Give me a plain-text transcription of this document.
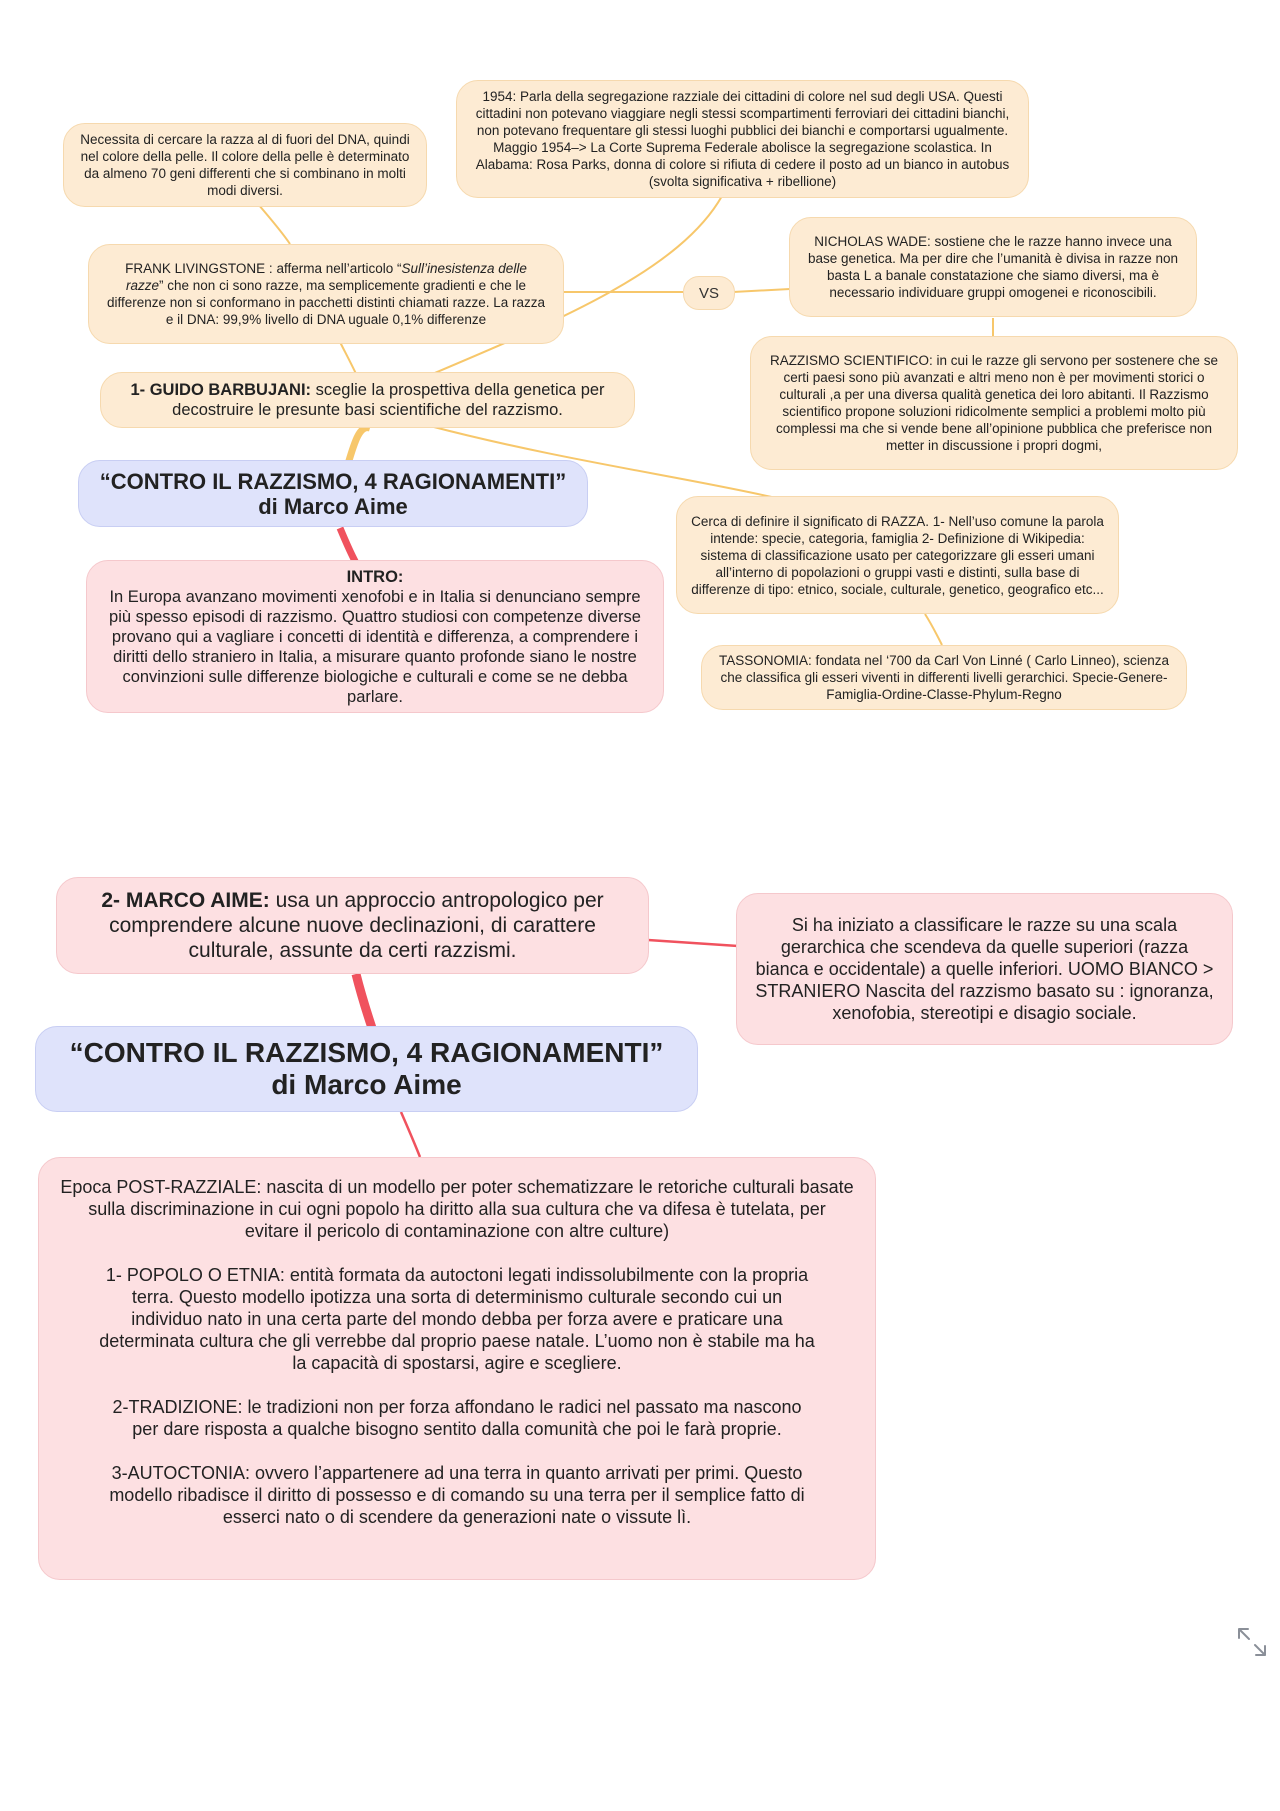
1954: Parla della segregazione razziale dei cittadini di colore nel sud degli USA. Questi cittadini non potevano viaggiare negli stessi scompartimenti ferroviari dei cittadini bianchi, non potevano frequentare gli stessi luoghi pubblici dei bianchi e comportarsi ugualmente. Maggio 1954–> La Corte Suprema Federale abolisce la segregazione scolastica. In Alabama: Rosa Parks, donna di colore si rifiuta di cedere il posto ad un bianco in autobus (svolta significativa + ribellione)

Necessita di cercare la razza al di fuori del DNA, quindi nel colore della pelle. Il colore della pelle è determinato da almeno 70 geni differenti che si combinano in molti modi diversi.

FRANK LIVINGSTONE : afferma nell’articolo “Sull’inesistenza delle razze” che non ci sono razze, ma semplicemente gradienti e che le differenze non si conformano in pacchetti distinti chiamati razze. La razza e il DNA: 99,9% livello di DNA uguale 0,1% differenze

VS

NICHOLAS WADE: sostiene che le razze hanno invece una base genetica. Ma per dire che l’umanità è divisa in razze non basta L a banale constatazione che siamo diversi, ma è necessario individuare gruppi omogenei e riconoscibili.

RAZZISMO SCIENTIFICO: in cui le razze gli servono per sostenere che se certi paesi sono più avanzati e altri meno non è per movimenti storici o culturali ,a per una diversa qualità genetica dei loro abitanti. Il Razzismo scientifico propone soluzioni ridicolmente semplici a problemi molto più complessi ma che si vende bene all’opinione pubblica che preferisce non metter in discussione i propri dogmi,

1- GUIDO BARBUJANI: sceglie la prospettiva della genetica per decostruire le presunte basi scientifiche del razzismo.

“CONTRO IL RAZZISMO, 4 RAGIONAMENTI”

di Marco Aime

Cerca di definire il significato di RAZZA. 1- Nell’uso comune la parola intende: specie, categoria, famiglia 2- Definizione di Wikipedia: sistema di classificazione usato per categorizzare gli esseri umani all’interno di popolazioni o gruppi vasti e distinti, sulla base di differenze di tipo: etnico, sociale, culturale, genetico, geografico etc...

INTRO:

In Europa avanzano movimenti xenofobi e in Italia si denunciano sempre più spesso episodi di razzismo. Quattro studiosi con competenze diverse provano qui a vagliare i concetti di identità e differenza, a comprendere i diritti dello straniero in Italia, a misurare quanto profonde siano le nostre convinzioni sulle differenze biologiche e culturali e come se ne debba parlare.

TASSONOMIA: fondata nel ‘700 da Carl Von Linné ( Carlo Linneo), scienza che classifica gli esseri viventi in differenti livelli gerarchici. Specie-Genere-Famiglia-Ordine-Classe-Phylum-Regno

2- MARCO AIME: usa un approccio antropologico per comprendere alcune nuove declinazioni, di carattere culturale, assunte da certi razzismi.

Si ha iniziato a classificare le razze su una scala gerarchica che scendeva da quelle superiori (razza bianca e occidentale) a quelle inferiori. UOMO BIANCO > STRANIERO Nascita del razzismo basato su : ignoranza, xenofobia, stereotipi e disagio sociale.

“CONTRO IL RAZZISMO, 4 RAGIONAMENTI”

di Marco Aime

Epoca POST-RAZZIALE: nascita di un modello per poter schematizzare le retoriche culturali basate sulla discriminazione in cui ogni popolo ha diritto alla sua cultura che va difesa è tutelata, per evitare il pericolo di contaminazione con altre culture)

1- POPOLO O ETNIA: entità formata da autoctoni legati indissolubilmente con la propria terra. Questo modello ipotizza una sorta di determinismo culturale secondo cui un individuo nato in una certa parte del mondo debba per forza avere e praticare una determinata cultura che gli verrebbe dal proprio paese natale. L’uomo non è stabile ma ha la capacità di spostarsi, agire e scegliere.

2-TRADIZIONE: le tradizioni non per forza affondano le radici nel passato ma nascono per dare risposta a qualche bisogno sentito dalla comunità che poi le farà proprie.

3-AUTOCTONIA: ovvero l’appartenere ad una terra in quanto arrivati per primi. Questo modello ribadisce il diritto di possesso e di comando su una terra per il semplice fatto di esserci nato o di scendere da generazioni nate o vissute lì.
